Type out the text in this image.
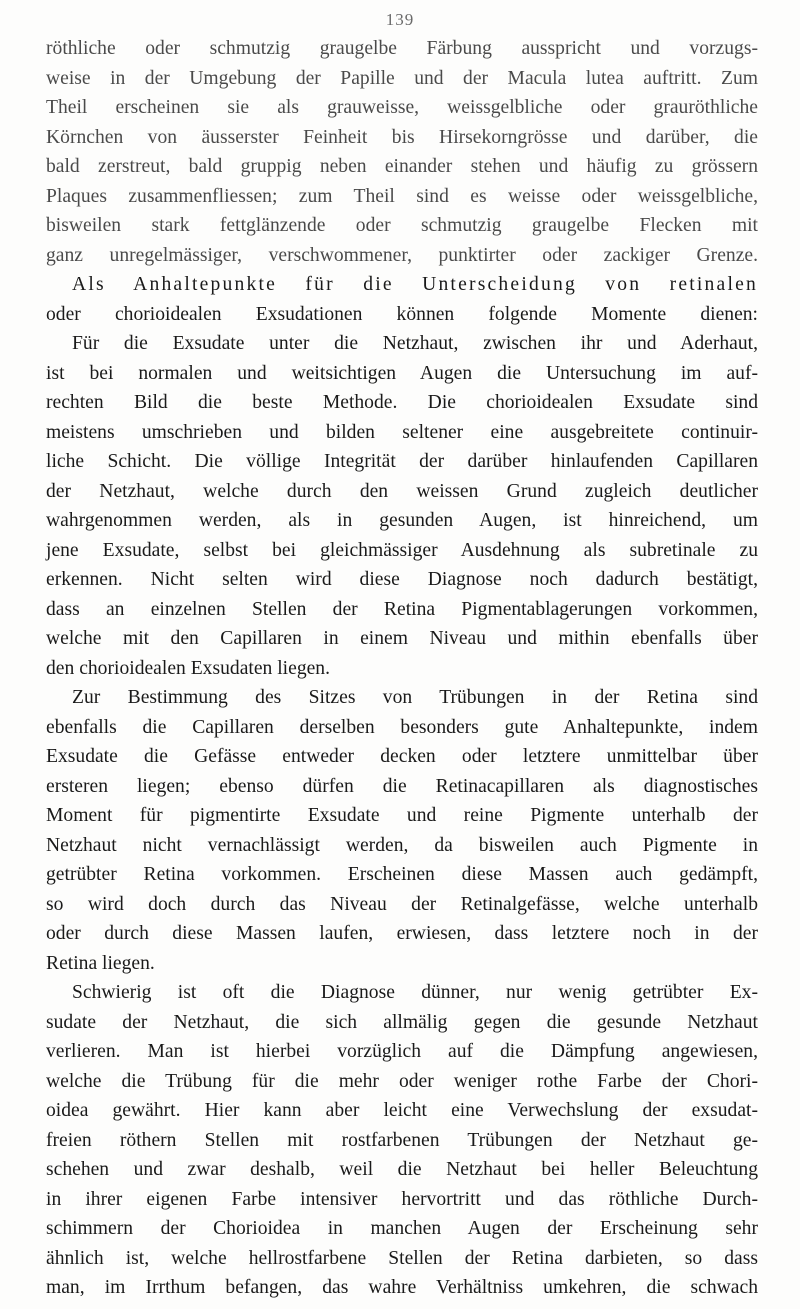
139
röthliche oder schmutzig graugelbe Färbung ausspricht und vorzugs-
weise in der Umgebung der Papille und der Macula lutea auftritt. Zum
Theil erscheinen sie als grauweisse, weissgelbliche oder grauröthliche
Körnchen von äusserster Feinheit bis Hirsekorngrösse und darüber, die
bald zerstreut, bald gruppig neben einander stehen und häufig zu grössern
Plaques zusammenfliessen; zum Theil sind es weisse oder weissgelbliche,
bisweilen stark fettglänzende oder schmutzig graugelbe Flecken mit
ganz unregelmässiger, verschwommener, punktirter oder zackiger Grenze.
Als Anhaltepunkte für die Unterscheidung von retinalen
oder chorioidealen Exsudationen können folgende Momente dienen:
Für die Exsudate unter die Netzhaut, zwischen ihr und Aderhaut,
ist bei normalen und weitsichtigen Augen die Untersuchung im auf-
rechten Bild die beste Methode. Die chorioidealen Exsudate sind
meistens umschrieben und bilden seltener eine ausgebreitete continuir-
liche Schicht. Die völlige Integrität der darüber hinlaufenden Capillaren
der Netzhaut, welche durch den weissen Grund zugleich deutlicher
wahrgenommen werden, als in gesunden Augen, ist hinreichend, um
jene Exsudate, selbst bei gleichmässiger Ausdehnung als subretinale zu
erkennen. Nicht selten wird diese Diagnose noch dadurch bestätigt,
dass an einzelnen Stellen der Retina Pigmentablagerungen vorkommen,
welche mit den Capillaren in einem Niveau und mithin ebenfalls über
den chorioidealen Exsudaten liegen.
Zur Bestimmung des Sitzes von Trübungen in der Retina sind
ebenfalls die Capillaren derselben besonders gute Anhaltepunkte, indem
Exsudate die Gefässe entweder decken oder letztere unmittelbar über
ersteren liegen; ebenso dürfen die Retinacapillaren als diagnostisches
Moment für pigmentirte Exsudate und reine Pigmente unterhalb der
Netzhaut nicht vernachlässigt werden, da bisweilen auch Pigmente in
getrübter Retina vorkommen. Erscheinen diese Massen auch gedämpft,
so wird doch durch das Niveau der Retinalgefässe, welche unterhalb
oder durch diese Massen laufen, erwiesen, dass letztere noch in der
Retina liegen.
Schwierig ist oft die Diagnose dünner, nur wenig getrübter Ex-
sudate der Netzhaut, die sich allmälig gegen die gesunde Netzhaut
verlieren. Man ist hierbei vorzüglich auf die Dämpfung angewiesen,
welche die Trübung für die mehr oder weniger rothe Farbe der Chori-
oidea gewährt. Hier kann aber leicht eine Verwechslung der exsudat-
freien röthern Stellen mit rostfarbenen Trübungen der Netzhaut ge-
schehen und zwar deshalb, weil die Netzhaut bei heller Beleuchtung
in ihrer eigenen Farbe intensiver hervortritt und das röthliche Durch-
schimmern der Chorioidea in manchen Augen der Erscheinung sehr
ähnlich ist, welche hellrostfarbene Stellen der Retina darbieten, so dass
man, im Irrthum befangen, das wahre Verhältniss umkehren, die schwach
